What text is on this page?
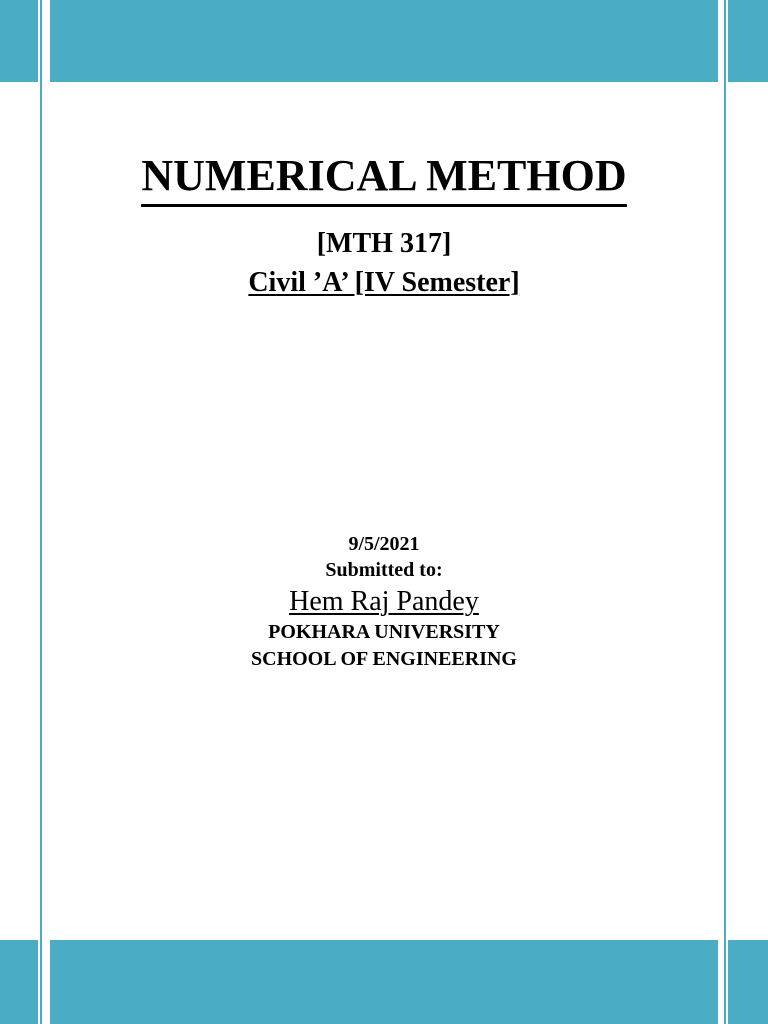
NUMERICAL METHOD
[MTH 317]
Civil ’A’ [IV Semester]
9/5/2021
Submitted to:
Hem Raj Pandey
POKHARA UNIVERSITY
SCHOOL OF ENGINEERING
